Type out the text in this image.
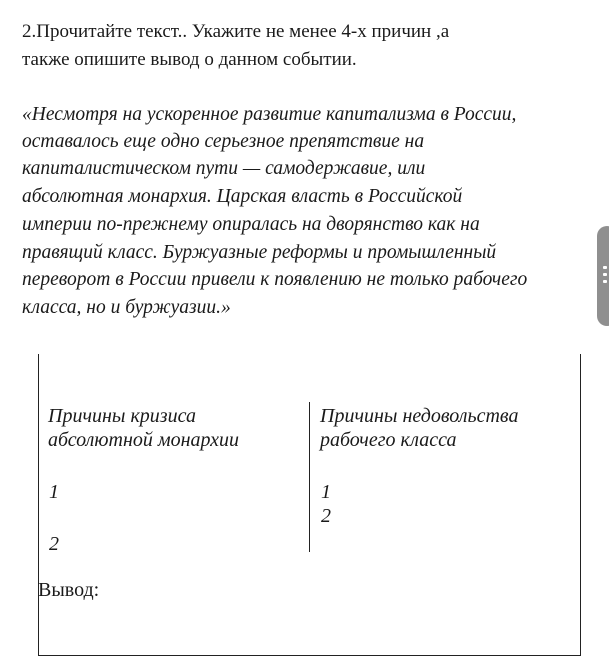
2.Прочитайте текст.. Укажите не менее 4-х причин ,а

также опишите вывод о данном событии.

«Несмотря на ускоренное развитие капитализма в России,

оставалось еще одно серьезное препятствие на

капиталистическом пути — самодержавие, или

абсолютная монархия. Царская власть в Российской

империи по-прежнему опиралась на дворянство как на

правящий класс. Буржуазные реформы и промышленный

переворот в России привели к появлению не только рабочего

класса, но и буржуазии.»

Причины кризиса

абсолютной монархии

Причины недовольства

рабочего класса

1

2

1

2

Вывод:
